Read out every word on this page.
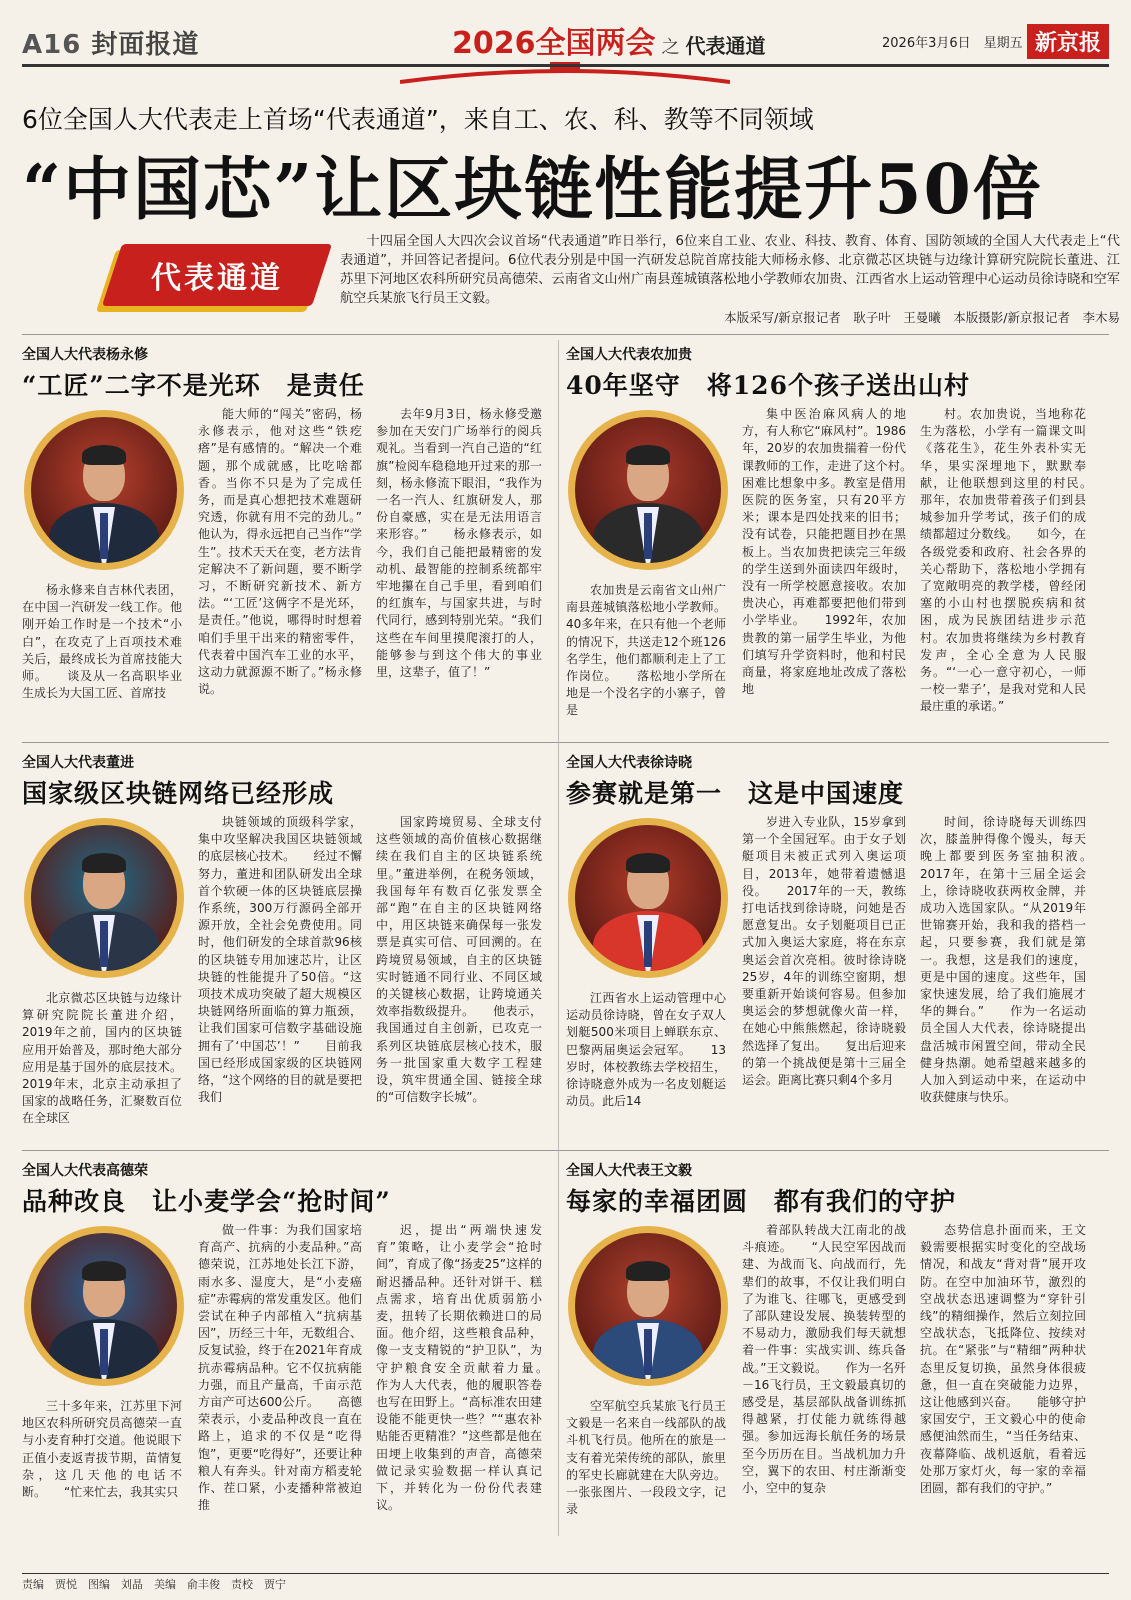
A16 封面报道	2026全国两会 之 代表通道	2026年3月6日　 星期五 新京报
6位全国人大代表走上首场“代表通道”，来自工、农、科、教等不同领域
“中国芯”让区块链性能提升50倍
代表通道
十四届全国人大四次会议首场“代表通道”昨日举行，6位来自工业、农业、科技、教育、体育、国防领域的全国人大代表走上“代表通道”，并回答记者提问。6位代表分别是中国一汽研发总院首席技能大师杨永修、北京微芯区块链与边缘计算研究院院长董进、江苏里下河地区农科所研究员高德荣、云南省文山州广南县莲城镇落松地小学教师农加贵、江西省水上运动管理中心运动员徐诗晓和空军航空兵某旅飞行员王文毅。
本版采写/新京报记者　耿子叶　王曼曦　本版摄影/新京报记者　李木易
全国人大代表杨永修
“工匠”二字不是光环　是责任
杨永修来自吉林代表团，在中国一汽研发一线工作。他刚开始工作时是一个技术“小白”，在攻克了上百项技术难关后，最终成长为首席技能大师。　　谈及从一名高职毕业生成长为大国工匠、首席技

能大师的“闯关”密码，杨永修表示，他对这些“铁疙瘩”是有感情的。“解决一个难题，那个成就感，比吃啥都香。当你不只是为了完成任务，而是真心想把技术难题研究透，你就有用不完的劲儿。”　　他认为，得永远把自己当作“学生”。技术天天在变，老方法肯定解决不了新问题，要不断学习，不断研究新技术、新方法。“‘工匠’这俩字不是光环，是责任。”他说，哪得时时想着咱们手里干出来的精密零件，代表着中国汽车工业的水平，这动力就源源不断了。”杨永修说。

去年9月3日，杨永修受邀参加在天安门广场举行的阅兵观礼。当看到一汽自己造的“红旗”检阅车稳稳地开过来的那一刻，杨永修流下眼泪，“我作为一名一汽人、红旗研发人，那份自豪感，实在是无法用语言来形容。”　　杨永修表示，如今，我们自己能把最精密的发动机、最智能的控制系统都牢牢地攥在自己手里，看到咱们的红旗车，与国家共进，与时代同行，感到特别光荣。“我们这些在车间里摸爬滚打的人，能够参与到这个伟大的事业里，这辈子，值了！”

全国人大代表农加贵
40年坚守　将126个孩子送出山村
农加贵是云南省文山州广南县莲城镇落松地小学教师。40多年来，在只有他一个老师的情况下，共送走12个班126名学生，他们都顺利走上了工作岗位。　　落松地小学所在地是一个没名字的小寨子，曾是

集中医治麻风病人的地方，有人称它“麻风村”。1986年，20岁的农加贵揣着一份代课教师的工作，走进了这个村。　　困难比想象中多。教室是借用医院的医务室，只有20平方米；课本是四处找来的旧书；没有试卷，只能把题目抄在黑板上。当农加贵把读完三年级的学生送到外面读四年级时，没有一所学校愿意接收。农加贵决心，再难都要把他们带到小学毕业。　　1992年，农加贵教的第一届学生毕业，为他们填写升学资料时，他和村民商量，将家庭地址改成了落松地

村。农加贵说，当地称花生为落松，小学有一篇课文叫《落花生》，花生外表朴实无华，果实深埋地下，默默奉献，让他联想到这里的村民。　　那年，农加贵带着孩子们到县城参加升学考试，孩子们的成绩都超过分数线。　　如今，在各级党委和政府、社会各界的关心帮助下，落松地小学拥有了宽敞明亮的教学楼，曾经闭塞的小山村也摆脱疾病和贫困，成为民族团结进步示范村。农加贵将继续为乡村教育发声，全心全意为人民服务。“‘一心一意守初心，一师一校一辈子’，是我对党和人民最庄重的承诺。”

全国人大代表董进
国家级区块链网络已经形成
北京微芯区块链与边缘计算研究院院长董进介绍，2019年之前，国内的区块链应用开始普及，那时绝大部分应用是基于国外的底层技术。2019年末，北京主动承担了国家的战略任务，汇聚数百位在全球区

块链领域的顶级科学家，集中攻坚解决我国区块链领域的底层核心技术。　　经过不懈努力，董进和团队研发出全球首个软硬一体的区块链底层操作系统，300万行源码全部开源开放，全社会免费使用。同时，他们研发的全球首款96核的区块链专用加速芯片，让区块链的性能提升了50倍。“这项技术成功突破了超大规模区块链网络所面临的算力瓶颈，让我们国家可信数字基础设施拥有了‘中国芯’！”　　目前我国已经形成国家级的区块链网络，“这个网络的目的就是要把我们

国家跨境贸易、全球支付这些领域的高价值核心数据继续在我们自主的区块链系统里。”董进举例，在税务领域，我国每年有数百亿张发票全部“跑”在自主的区块链网络中，用区块链来确保每一张发票是真实可信、可回溯的。在跨境贸易领域，自主的区块链实时链通不同行业、不同区域的关键核心数据，让跨境通关效率指数级提升。　　他表示，我国通过自主创新，已攻克一系列区块链底层核心技术，服务一批国家重大数字工程建设，筑牢贯通全国、链接全球的“可信数字长城”。

全国人大代表徐诗晓
参赛就是第一　这是中国速度
江西省水上运动管理中心运动员徐诗晓，曾在女子双人划艇500米项目上蝉联东京、巴黎两届奥运会冠军。　　13岁时，体校教练去学校招生，徐诗晓意外成为一名皮划艇运动员。此后14

岁进入专业队，15岁拿到第一个全国冠军。由于女子划艇项目未被正式列入奥运项目，2013年，她带着遗憾退役。　　2017年的一天，教练打电话找到徐诗晓，问她是否愿意复出。女子划艇项目已正式加入奥运大家庭，将在东京奥运会首次亮相。彼时徐诗晓25岁，4年的训练空窗期，想要重新开始谈何容易。但参加奥运会的梦想就像火苗一样，在她心中熊熊燃起，徐诗晓毅然选择了复出。　　复出后迎来的第一个挑战便是第十三届全运会。距离比赛只剩4个多月

时间，徐诗晓每天训练四次，膝盖肿得像个馒头，每天晚上都要到医务室抽积液。　　2017年，在第十三届全运会上，徐诗晓收获两枚金牌，并成功入选国家队。“从2019年世锦赛开始，我和我的搭档一起，只要参赛，我们就是第一。我想，这是我们的速度，更是中国的速度。这些年，国家快速发展，给了我们施展才华的舞台。”　　作为一名运动员全国人大代表，徐诗晓提出盘活城市闲置空间，带动全民健身热潮。她希望越来越多的人加入到运动中来，在运动中收获健康与快乐。

全国人大代表高德荣
品种改良　让小麦学会“抢时间”
三十多年来，江苏里下河地区农科所研究员高德荣一直与小麦育种打交道。他说眼下正值小麦返青拔节期，苗情复杂，这几天他的电话不断。　　“忙来忙去，我其实只

做一件事：为我们国家培育高产、抗病的小麦品种。”高德荣说，江苏地处长江下游，雨水多、湿度大，是“小麦癌症”赤霉病的常发重发区。他们尝试在种子内部植入“抗病基因”，历经三十年，无数组合、反复试验，终于在2021年育成抗赤霉病品种。它不仅抗病能力强，而且产量高，千亩示范方亩产可达600公斤。　　高德荣表示，小麦品种改良一直在路上，追求的不仅是“吃得饱”，更要“吃得好”，还要让种粮人有奔头。针对南方稻麦轮作、茬口紧，小麦播种常被迫推

迟，提出“两端快速发育”策略，让小麦学会“抢时间”，育成了像“扬麦25”这样的耐迟播品种。还针对饼干、糕点需求，培育出优质弱筋小麦，扭转了长期依赖进口的局面。他介绍，这些粮食品种，像一支支精锐的“护卫队”，为守护粮食安全贡献着力量。　　作为人大代表，他的履职答卷也写在田野上。“高标准农田建设能不能更快一些？”“惠农补贴能否更精准？”这些都是他在田埂上收集到的声音，高德荣做记录实验数据一样认真记下，并转化为一份份代表建议。

全国人大代表王文毅
每家的幸福团圆　都有我们的守护
空军航空兵某旅飞行员王文毅是一名来自一线部队的战斗机飞行员。他所在的旅是一支有着光荣传统的部队，旅里的军史长廊就建在大队旁边。一张张图片、一段段文字，记录

着部队转战大江南北的战斗痕迹。　　“人民空军因战而建、为战而飞、向战而行，先辈们的故事，不仅让我们明白了为谁飞、往哪飞，更感受到了部队建设发展、换装转型的不易动力，激励我们每天就想着一件事：实战实训、练兵备战。”王文毅说。　　作为一名歼－16飞行员，王文毅最真切的感受是，基层部队战备训练抓得越紧，打仗能力就练得越强。参加远海长航任务的场景至今历历在目。当战机加力升空，翼下的农田、村庄渐渐变小，空中的复杂

态势信息扑面而来，王文毅需要根据实时变化的空战场情况，和战友“背对背”展开攻防。在空中加油环节，激烈的空战状态迅速调整为“穿针引线”的精细操作，然后立刻拉回空战状态，飞抵降位、按续对抗。在“紧张”与“精细”两种状态里反复切换，虽然身体很疲惫，但一直在突破能力边界，这让他感到兴奋。　　能够守护家国安宁，王文毅心中的使命感便油然而生，“当任务结束、夜幕降临、战机返航，看着远处那万家灯火，每一家的幸福团圆，都有我们的守护。”

责编　贾悦　图编　刘晶　美编　俞丰俊　责校　贾宁
